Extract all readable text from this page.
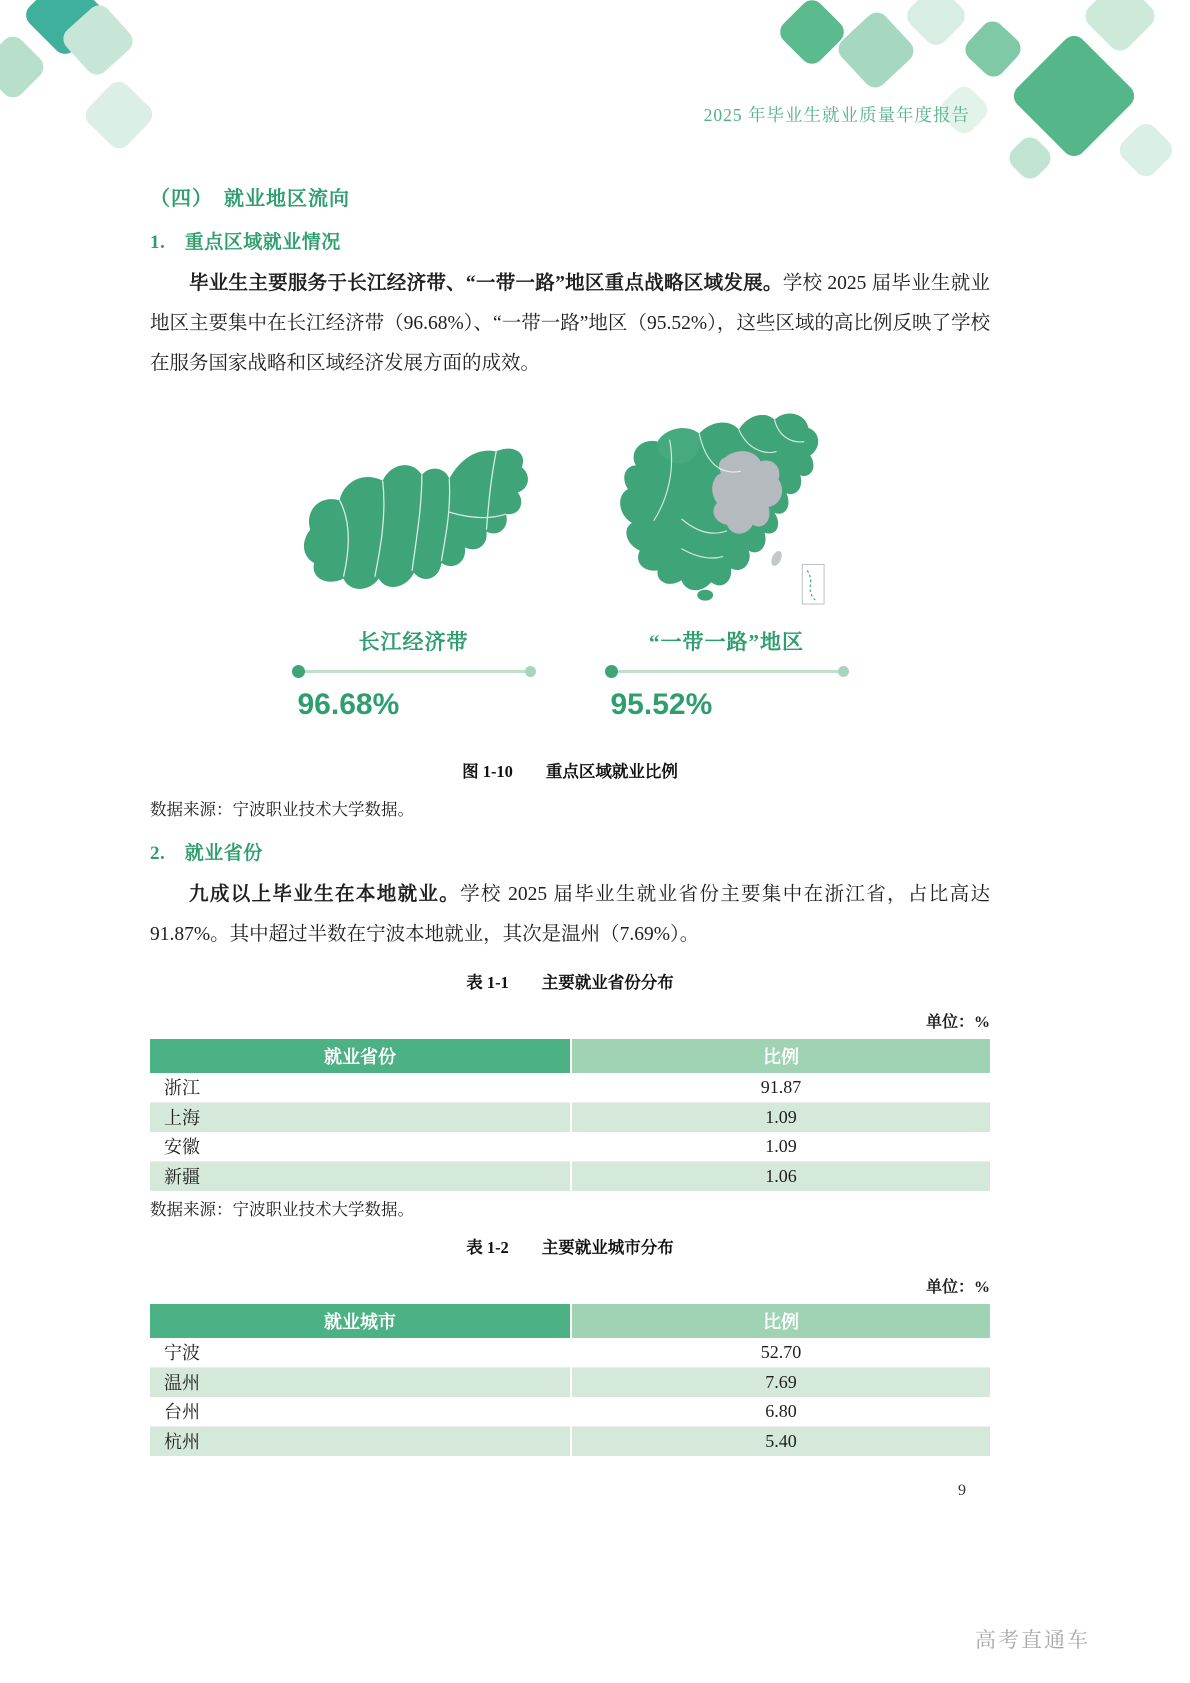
2025 年毕业生就业质量年度报告
（四）　就业地区流向
1.　重点区域就业情况

毕业生主要服务于长江经济带、“一带一路”地区重点战略区域发展。学校 2025 届毕业生就业地区主要集中在长江经济带（96.68%）、“一带一路”地区（95.52%），这些区域的高比例反映了学校在服务国家战略和区域经济发展方面的成效。

长江经济带
96.68%
“一带一路”地区
95.52%
图 1-10　　重点区域就业比例
数据来源：宁波职业技术大学数据。
2.　就业省份

九成以上毕业生在本地就业。学校 2025 届毕业生就业省份主要集中在浙江省，占比高达 91.87%。其中超过半数在宁波本地就业，其次是温州（7.69%）。

表 1-1　　主要就业省份分布
单位：%
就业省份	比例
浙江	91.87
上海	1.09
安徽	1.09
新疆	1.06
数据来源：宁波职业技术大学数据。
表 1-2　　主要就业城市分布
单位：%
就业城市	比例
宁波	52.70
温州	7.69
台州	6.80
杭州	5.40
9
高考直通车
